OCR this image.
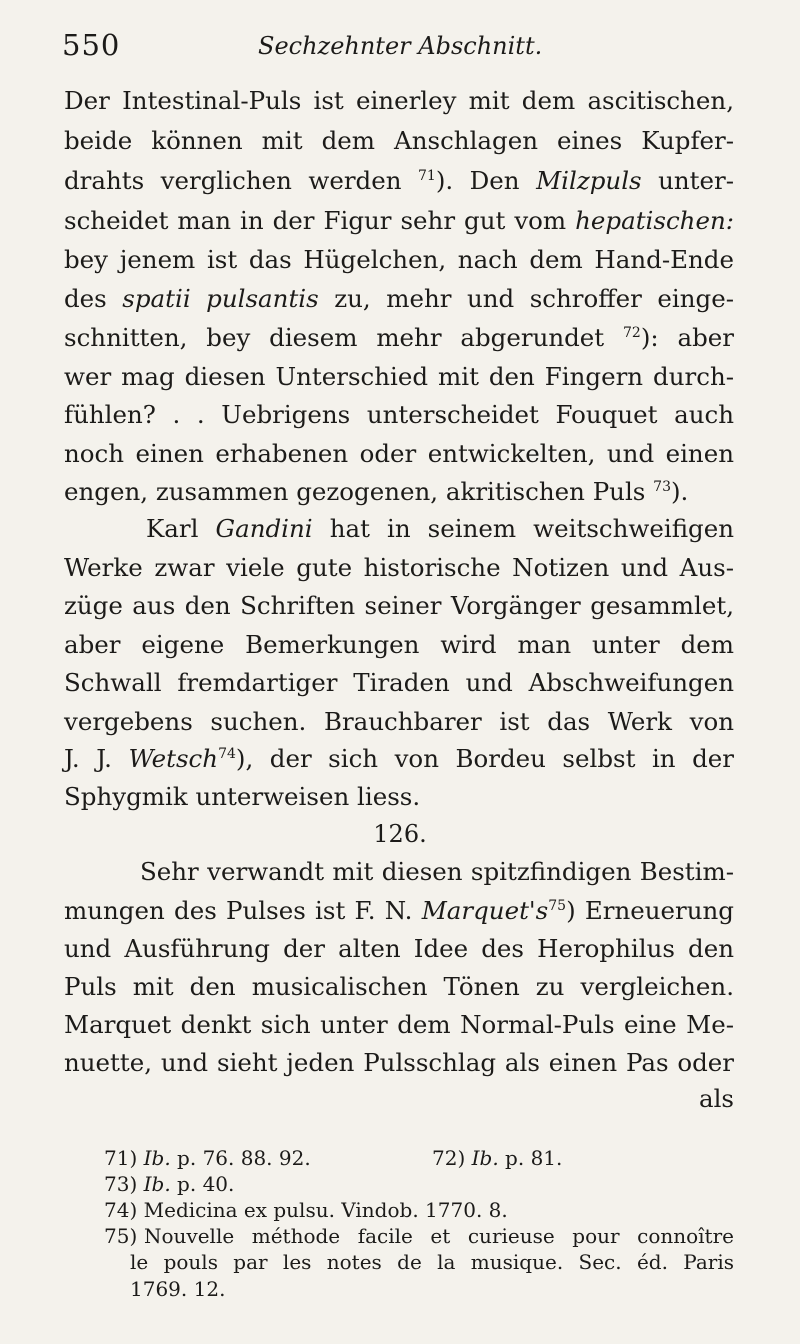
550	Sechzehnter Abschnitt.
Der Intestinal-Puls ist einerley mit dem ascitischen,
beide können mit dem Anschlagen eines Kupfer-
drahts verglichen werden $^{71}$). Den Milzpuls unter-
scheidet man in der Figur sehr gut vom hepatischen:
bey jenem ist das Hügelchen, nach dem Hand-Ende
des spatii pulsantis zu, mehr und schroffer einge-
schnitten, bey diesem mehr abgerundet $^{72}$): aber
wer mag diesen Unterschied mit den Fingern durch-
fühlen? . . Uebrigens unterscheidet Fouquet auch
noch einen erhabenen oder entwickelten, und einen
engen, zusammen gezogenen, akritischen Puls $^{73}$).
Karl Gandini hat in seinem weitschweifigen
Werke zwar viele gute historische Notizen und Aus-
züge aus den Schriften seiner Vorgänger gesammlet,
aber eigene Bemerkungen wird man unter dem
Schwall fremdartiger Tiraden und Abschweifungen
vergebens suchen. Brauchbarer ist das Werk von
J. J. Wetsch$^{74}$), der sich von Bordeu selbst in der
Sphygmik unterweisen liess.
126.
Sehr verwandt mit diesen spitzfindigen Bestim-
mungen des Pulses ist F. N. $Marquet's^{75}$) Erneuerung
und Ausführung der alten Idee des Herophilus den
Puls mit den musicalischen Tönen zu vergleichen.
Marquet denkt sich unter dem Normal-Puls eine Me-
nuette, und sieht jeden Pulsschlag als einen Pas oder
als
71) Ib. p. 76. 88. 92.	72) Ib. p. 81.
73) Ib. p. 40.
74) Medicina ex pulsu. Vindob. 1770. 8.
75) Nouvelle méthode facile et curieuse pour connoître
le pouls par les notes de la musique. Sec. éd. Paris
1769. 12.
